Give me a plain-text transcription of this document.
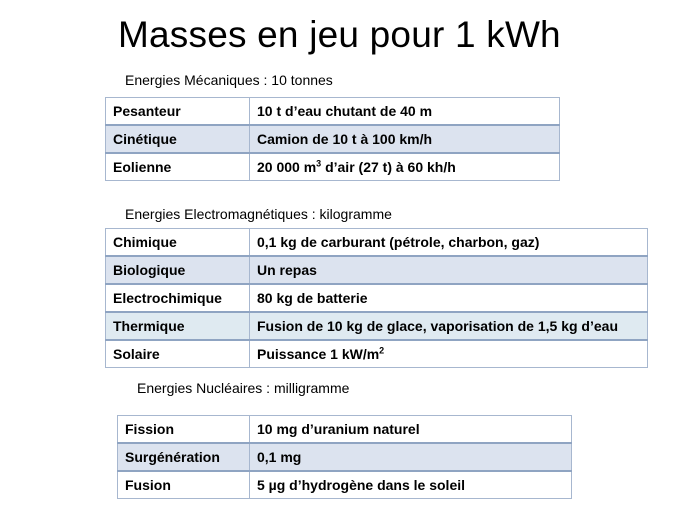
Masses en jeu pour 1 kWh
Energies Mécaniques : 10 tonnes
Pesanteur	10 t d’eau chutant de 40 m
Cinétique	Camion de 10 t à 100 km/h
Eolienne	20 000 $m^3$ d’air (27 t) à 60 kh/h
Energies Electromagnétiques : kilogramme
Chimique	0,1 kg de carburant (pétrole, charbon, gaz)
Biologique	Un repas
Electrochimique	80 kg de batterie
Thermique	Fusion de 10 kg de glace, vaporisation de 1,5 kg d’eau
Solaire	Puissance 1 $kW/m^2$
Energies Nucléaires : milligramme
Fission	10 mg d’uranium naturel
Surgénération	0,1 mg
Fusion	5 µg d’hydrogène dans le soleil
